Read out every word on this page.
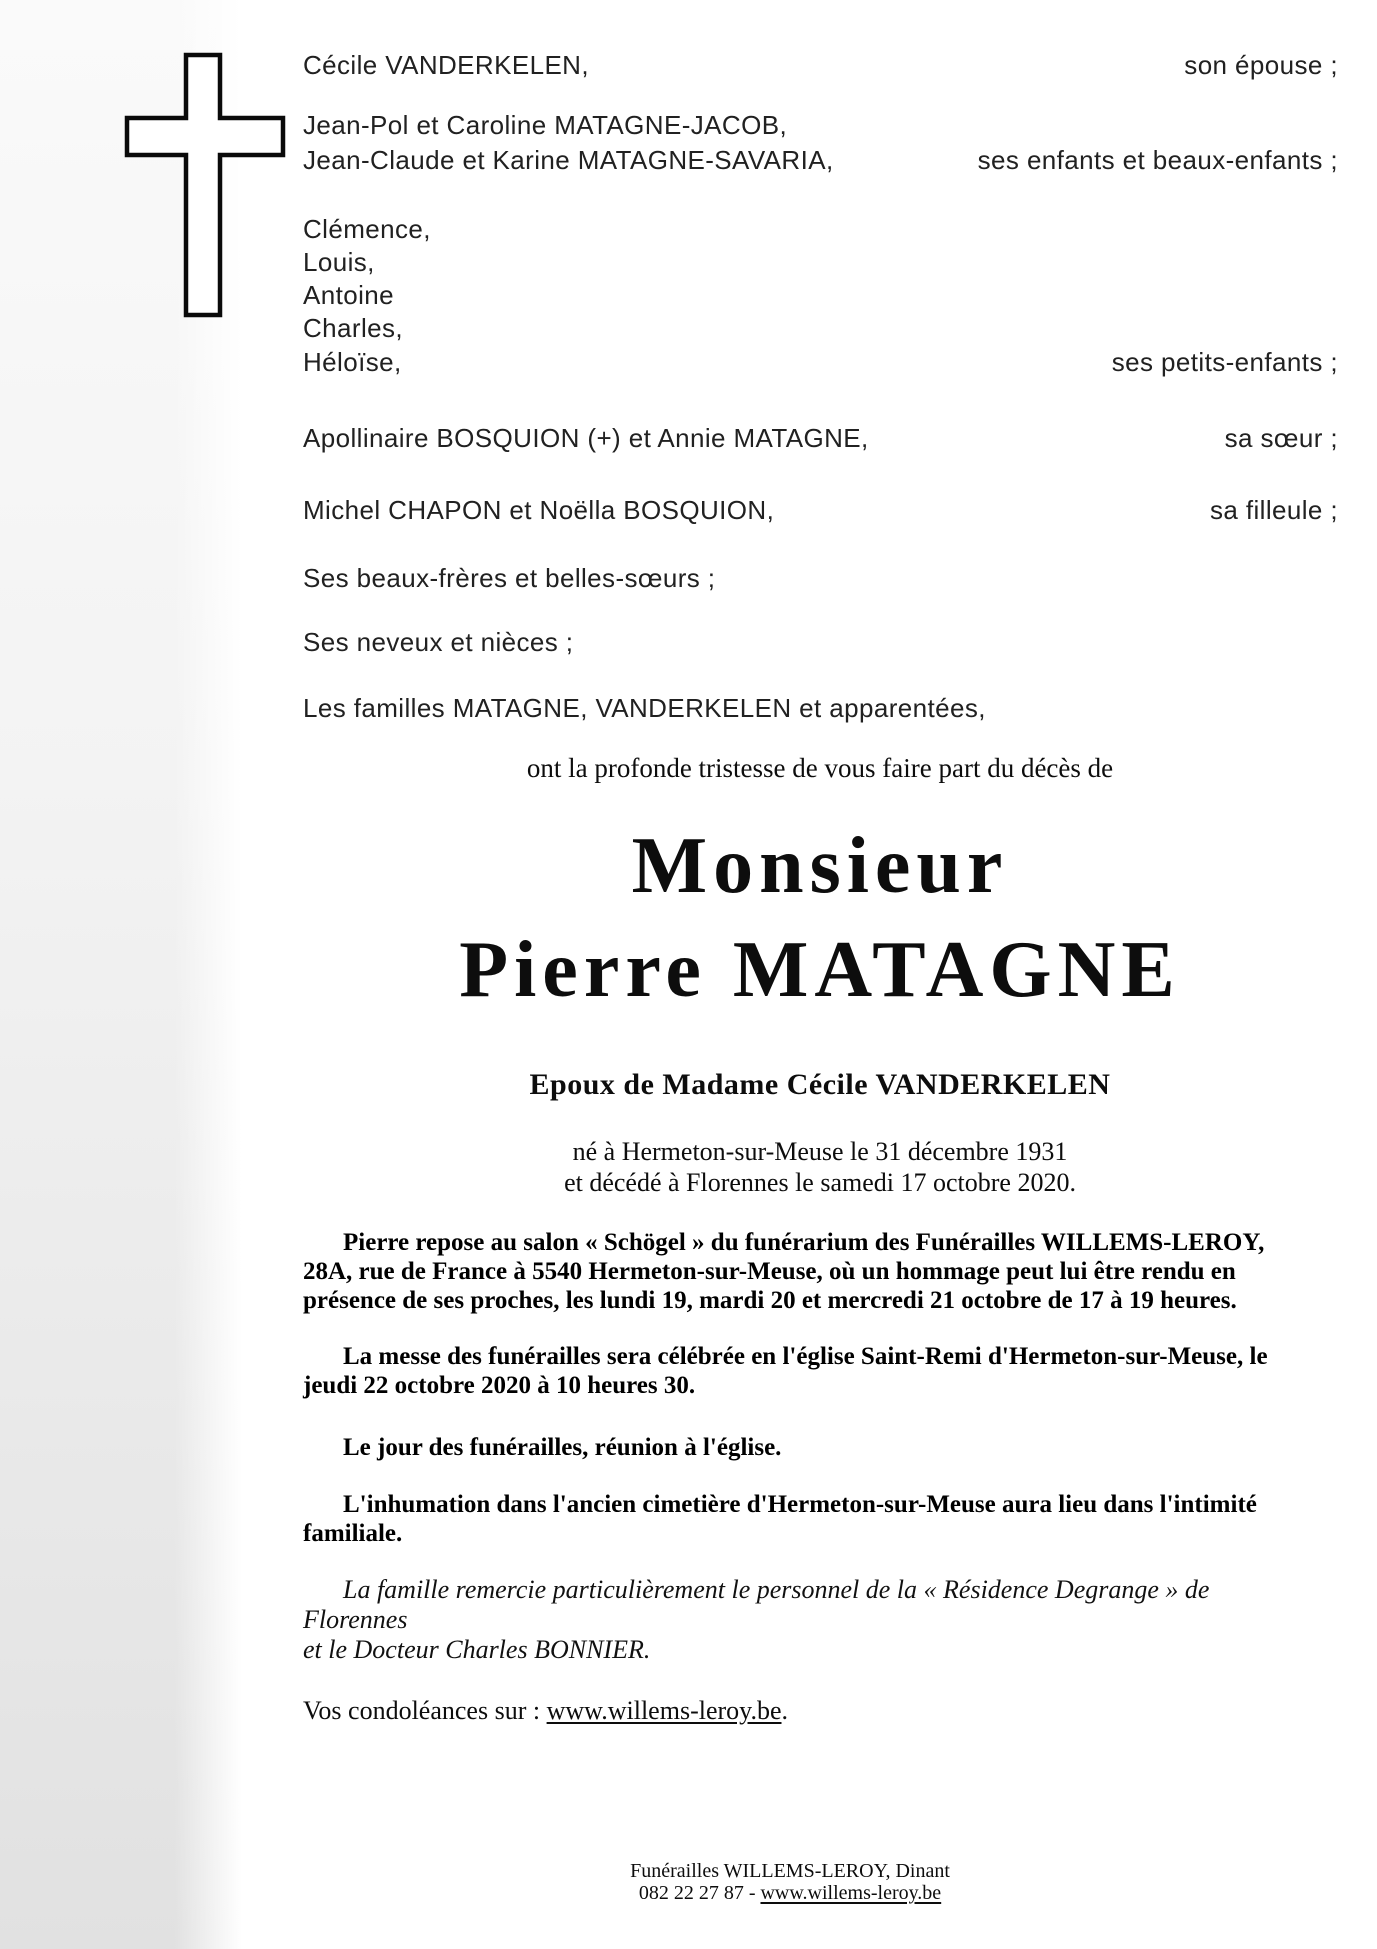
Cécile VANDERKELEN,	son épouse ;
Jean-Pol et Caroline MATAGNE-JACOB,
Jean-Claude et Karine MATAGNE-SAVARIA,	ses enfants et beaux-enfants ;
Clémence,
Louis,
Antoine
Charles,
Héloïse,	ses petits-enfants ;
Apollinaire BOSQUION (+) et Annie MATAGNE,	sa sœur ;
Michel CHAPON et Noëlla BOSQUION,	sa filleule ;
Ses beaux-frères et belles-sœurs ;
Ses neveux et nièces ;
Les familles MATAGNE, VANDERKELEN et apparentées,
ont la profonde tristesse de vous faire part du décès de
Monsieur
Pierre MATAGNE
Epoux de Madame Cécile VANDERKELEN
né à Hermeton-sur-Meuse le 31 décembre 1931
et décédé à Florennes le samedi 17 octobre 2020.
Pierre repose au salon « Schögel » du funérarium des Funérailles WILLEMS-LEROY,
28A, rue de France à 5540 Hermeton-sur-Meuse, où un hommage peut lui être rendu en
présence de ses proches, les lundi 19, mardi 20 et mercredi 21 octobre de 17 à 19 heures.
La messe des funérailles sera célébrée en l'église Saint-Remi d'Hermeton-sur-Meuse, le
jeudi 22 octobre 2020 à 10 heures 30.
Le jour des funérailles, réunion à l'église.
L'inhumation dans l'ancien cimetière d'Hermeton-sur-Meuse aura lieu dans l'intimité
familiale.
La famille remercie particulièrement le personnel de la « Résidence Degrange » de Florennes
et le Docteur Charles BONNIER.
Vos condoléances sur : www.willems-leroy.be.
Funérailles WILLEMS-LEROY, Dinant
082 22 27 87 - www.willems-leroy.be
